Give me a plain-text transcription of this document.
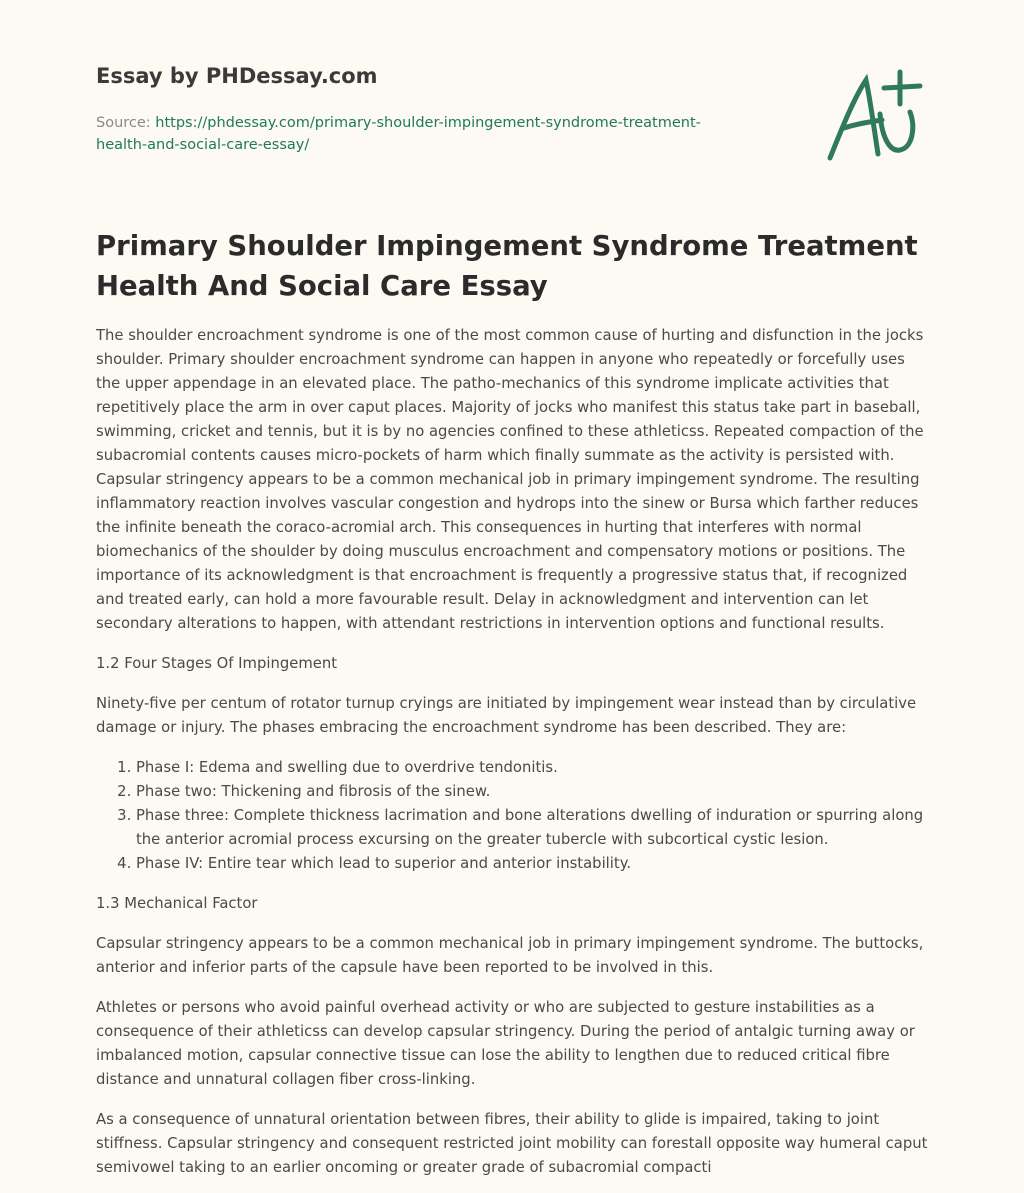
Essay by PHDessay.com
Source: https://phdessay.com/primary-shoulder-impingement-syndrome-treatment-health-and-social-care-essay/
Primary Shoulder Impingement Syndrome Treatment Health And Social Care Essay

The shoulder encroachment syndrome is one of the most common cause of hurting and disfunction in the jocks shoulder. Primary shoulder encroachment syndrome can happen in anyone who repeatedly or forcefully uses the upper appendage in an elevated place. The patho-mechanics of this syndrome implicate activities that repetitively place the arm in over caput places. Majority of jocks who manifest this status take part in baseball, swimming, cricket and tennis, but it is by no agencies confined to these athleticss. Repeated compaction of the subacromial contents causes micro-pockets of harm which finally summate as the activity is persisted with. Capsular stringency appears to be a common mechanical job in primary impingement syndrome. The resulting inflammatory reaction involves vascular congestion and hydrops into the sinew or Bursa which farther reduces the infinite beneath the coraco-acromial arch. This consequences in hurting that interferes with normal biomechanics of the shoulder by doing musculus encroachment and compensatory motions or positions. The importance of its acknowledgment is that encroachment is frequently a progressive status that, if recognized and treated early, can hold a more favourable result. Delay in acknowledgment and intervention can let secondary alterations to happen, with attendant restrictions in intervention options and functional results.

1.2 Four Stages Of Impingement

Ninety-five per centum of rotator turnup cryings are initiated by impingement wear instead than by circulative damage or injury. The phases embracing the encroachment syndrome has been described. They are:

1. Phase I: Edema and swelling due to overdrive tendonitis.
2. Phase two: Thickening and fibrosis of the sinew.
3. Phase three: Complete thickness lacrimation and bone alterations dwelling of induration or spurring along the anterior acromial process excursing on the greater tubercle with subcortical cystic lesion.
4. Phase IV: Entire tear which lead to superior and anterior instability.
1.3 Mechanical Factor

Capsular stringency appears to be a common mechanical job in primary impingement syndrome. The buttocks, anterior and inferior parts of the capsule have been reported to be involved in this.

Athletes or persons who avoid painful overhead activity or who are subjected to gesture instabilities as a consequence of their athleticss can develop capsular stringency. During the period of antalgic turning away or imbalanced motion, capsular connective tissue can lose the ability to lengthen due to reduced critical fibre distance and unnatural collagen fiber cross-linking.

As a consequence of unnatural orientation between fibres, their ability to glide is impaired, taking to joint stiffness. Capsular stringency and consequent restricted joint mobility can forestall opposite way humeral caput semivowel taking to an earlier oncoming or greater grade of subacromial compacti
